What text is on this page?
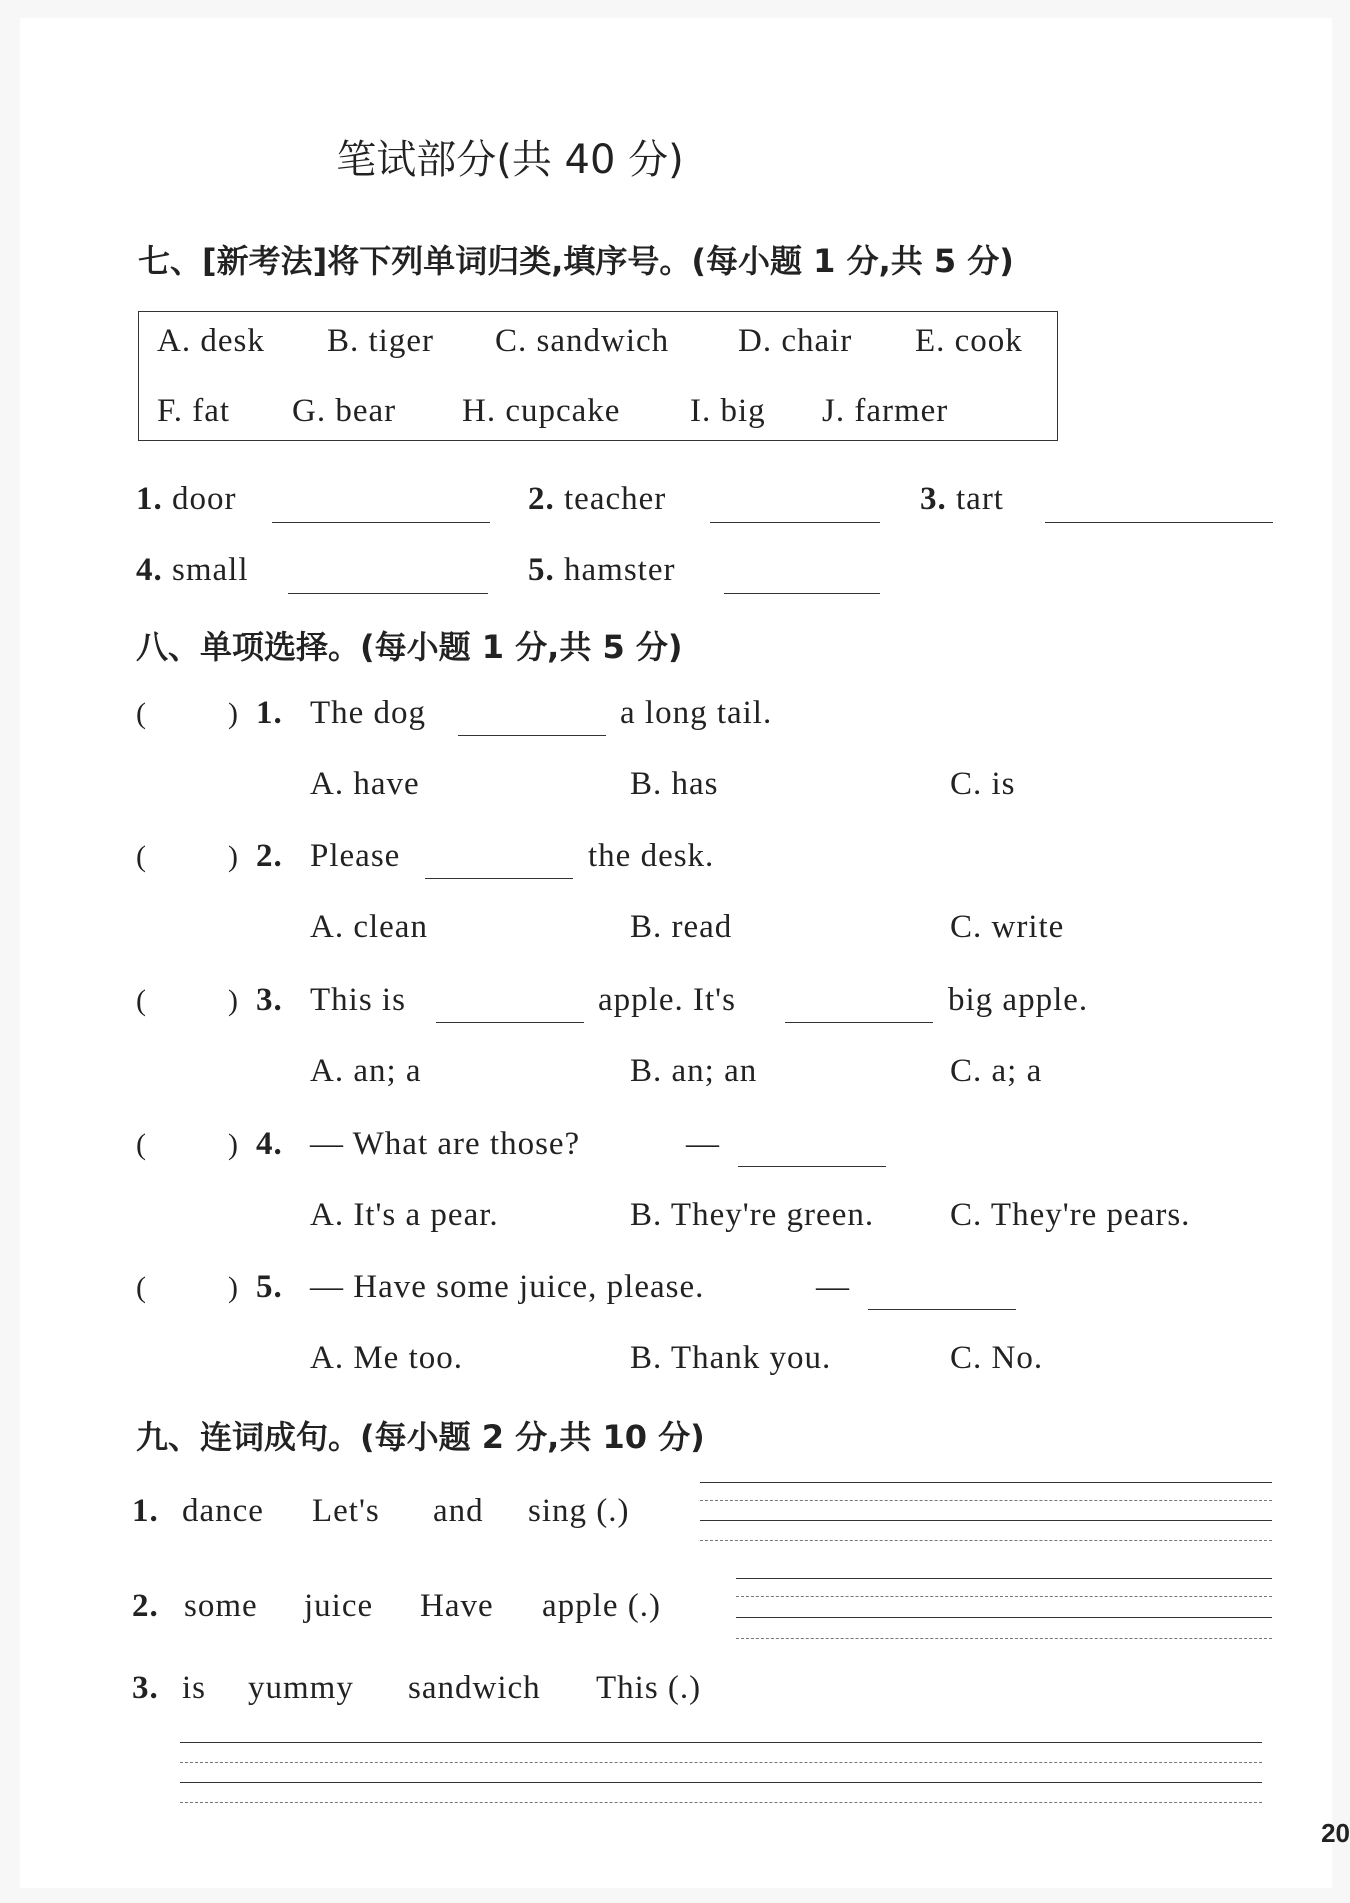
笔试部分(共 40 分)
七、[新考法]将下列单词归类,填序号。(每小题 1 分,共 5 分)
A. desk B. tiger C. sandwich D. chair E. cook
F. fat G. bear H. cupcake I. big J. farmer
1. door	2. teacher	3. tart
4. small	5. hamster
八、单项选择。(每小题 1 分,共 5 分)
(	) 1. The dog	a long tail.
A. have	B. has	C. is
(	) 2. Please	the desk.
A. clean	B. read	C. write
(	) 3. This is	apple. It's	big apple.
A. an; a	B. an; an	C. a; a
(	) 4. — What are those?	—
A. It's a pear.	B. They're green. C. They're pears.
(	) 5. — Have some juice, please.	—
A. Me too.	B. Thank you.	C. No.
九、连词成句。(每小题 2 分,共 10 分)
1. dance Let's and sing (.)
2. some juice Have apple (.)
3. is yummy sandwich This (.)
20
